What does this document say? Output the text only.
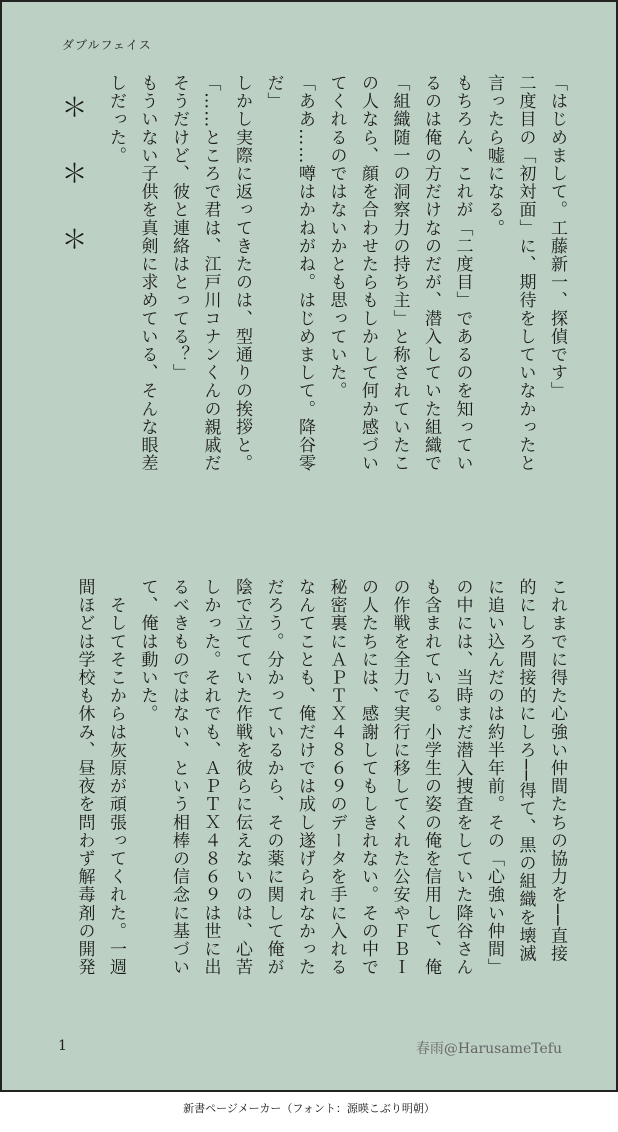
ダブルフェイス

「はじめまして。工藤新一、探偵です」

二度目の「初対面」に、期待をしていなかったと

言ったら嘘になる。

もちろん、これが「二度目」であるのを知ってい

るのは俺の方だけなのだが、潜入していた組織で

「組織随一の洞察力の持ち主」と称されていたこ

の人なら、顔を合わせたらもしかして何か感づい

てくれるのではないかとも思っていた。

「ああ……噂はかねがね。はじめまして。降谷零

だ」

しかし実際に返ってきたのは、型通りの挨拶と。

「……ところで君は、江戸川コナンくんの親戚だ

そうだけど、彼と連絡はとってる？」

もういない子供を真剣に求めている、そんな眼差

しだった。

＊＊＊

これまでに得た心強い仲間たちの協力を──直接

的にしろ間接的にしろ──得て、黒の組織を壊滅

に追い込んだのは約半年前。その「心強い仲間」

の中には、当時まだ潜入捜査をしていた降谷さん

も含まれている。小学生の姿の俺を信用して、俺

の作戦を全力で実行に移してくれた公安やＦＢＩ

の人たちには、感謝してもしきれない。その中で

秘密裏にＡＰＴＸ４８６９のデータを手に入れる

なんてことも、俺だけでは成し遂げられなかった

だろう。分かっているから、その薬に関して俺が

陰で立てていた作戦を彼らに伝えないのは、心苦

しかった。それでも、ＡＰＴＸ４８６９は世に出

るべきものではない、という相棒の信念に基づい

て、俺は動いた。

　そしてそこからは灰原が頑張ってくれた。一週

間ほどは学校も休み、昼夜を問わず解毒剤の開発

1	春雨@HarusameTefu
新書ページメーカー（フォント：源暎こぶり明朝）
